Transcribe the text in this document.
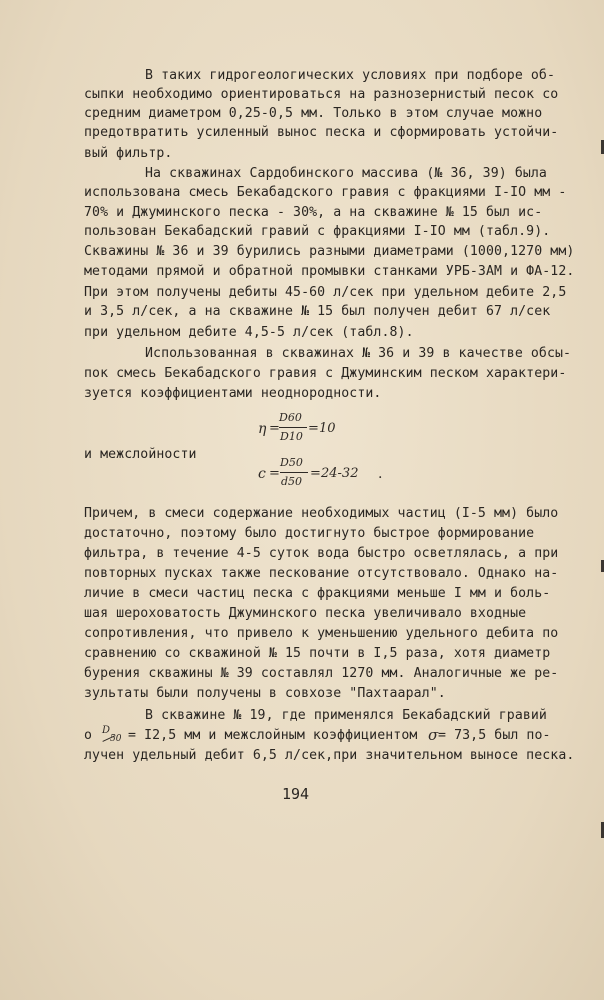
В таких гидрогеологических условиях при подборе об-
сыпки необходимо ориентироваться на разнозернистый песок со
средним диаметром 0,25-0,5 мм. Только в этом случае можно
предотвратить усиленный вынос песка и сформировать устойчи-
вый фильтр.
На скважинах Сардобинского массива (№ 36, 39) была
использована смесь Бекабадского гравия с фракциями I-IO мм -
70% и Джуминского песка - 30%, а на скважине № 15 был ис-
пользован Бекабадский гравий с фракциями I-IO мм (табл.9).
Скважины № 36 и 39 бурились разными диаметрами (1000,1270 мм)
методами прямой и обратной промывки станками УРБ-3АМ и ФА-12.
При этом получены дебиты 45-60 л/сек при удельном дебите 2,5
и 3,5 л/сек, а на скважине № 15 был получен дебит 67 л/сек
при удельном дебите 4,5-5 л/сек (табл.8).
Использованная в скважинах № 36 и 39 в качестве обсы-
пок смесь Бекабадского гравия с Джуминским песком характери-
зуется коэффициентами неоднородности.
η =
D60
D10
= 10
и межслойности
c =
D50
d50
= 24-32 .
Причем, в смеси содержание необходимых частиц (I-5 мм) было
достаточно, поэтому было достигнуто быстрое формирование
фильтра, в течение 4-5 суток вода быстро осветлялась, а при
повторных пусках также пескование отсутствовало. Однако на-
личие в смеси частиц песка с фракциями меньше I мм и боль-
шая шероховатость Джуминского песка увеличивало входные
сопротивления, что привело к уменьшению удельного дебита по
сравнению со скважиной № 15 почти в I,5 раза, хотя диаметр
бурения скважины № 39 составлял 1270 мм. Аналогичные же ре-
зультаты были получены в совхозе "Пахтаарал".
В скважине № 19, где применялся Бекабадский гравий
о D
50 = I2,5 мм и межслойным коэффициентом σ = 73,5 был по-
лучен удельный дебит 6,5 л/сек,при значительном выносе песка.
194
